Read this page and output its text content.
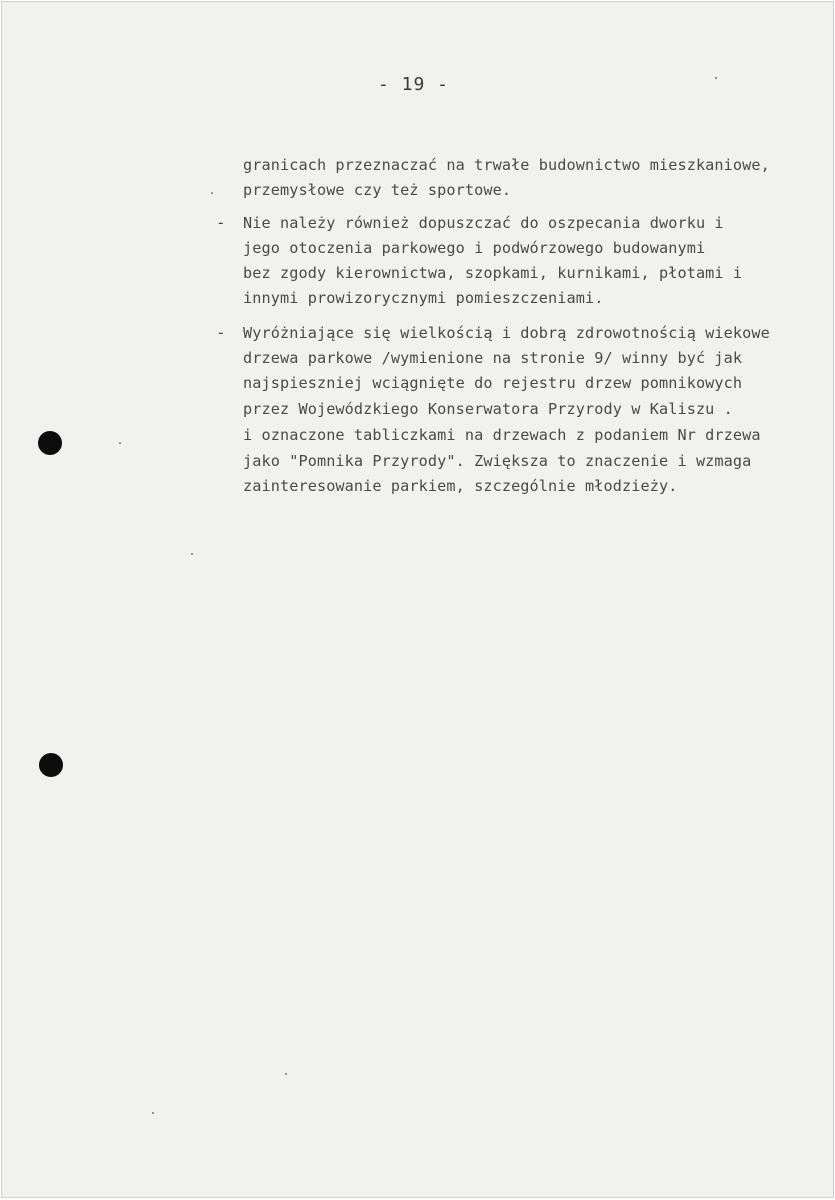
- 19 -
granicach przeznaczać na trwałe budownictwo mieszkaniowe,
przemysłowe czy też sportowe.
- Nie należy również dopuszczać do oszpecania dworku i
jego otoczenia parkowego i podwórzowego budowanymi
bez zgody kierownictwa, szopkami, kurnikami, płotami i
innymi prowizorycznymi pomieszczeniami.
- Wyróżniające się wielkością i dobrą zdrowotnością wiekowe
drzewa parkowe /wymienione na stronie 9/ winny być jak
najspieszniej wciągnięte do rejestru drzew pomnikowych
przez Wojewódzkiego Konserwatora Przyrody w Kaliszu .
i oznaczone tabliczkami na drzewach z podaniem Nr drzewa
jako "Pomnika Przyrody". Zwiększa to znaczenie i wzmaga
zainteresowanie parkiem, szczególnie młodzieży.
